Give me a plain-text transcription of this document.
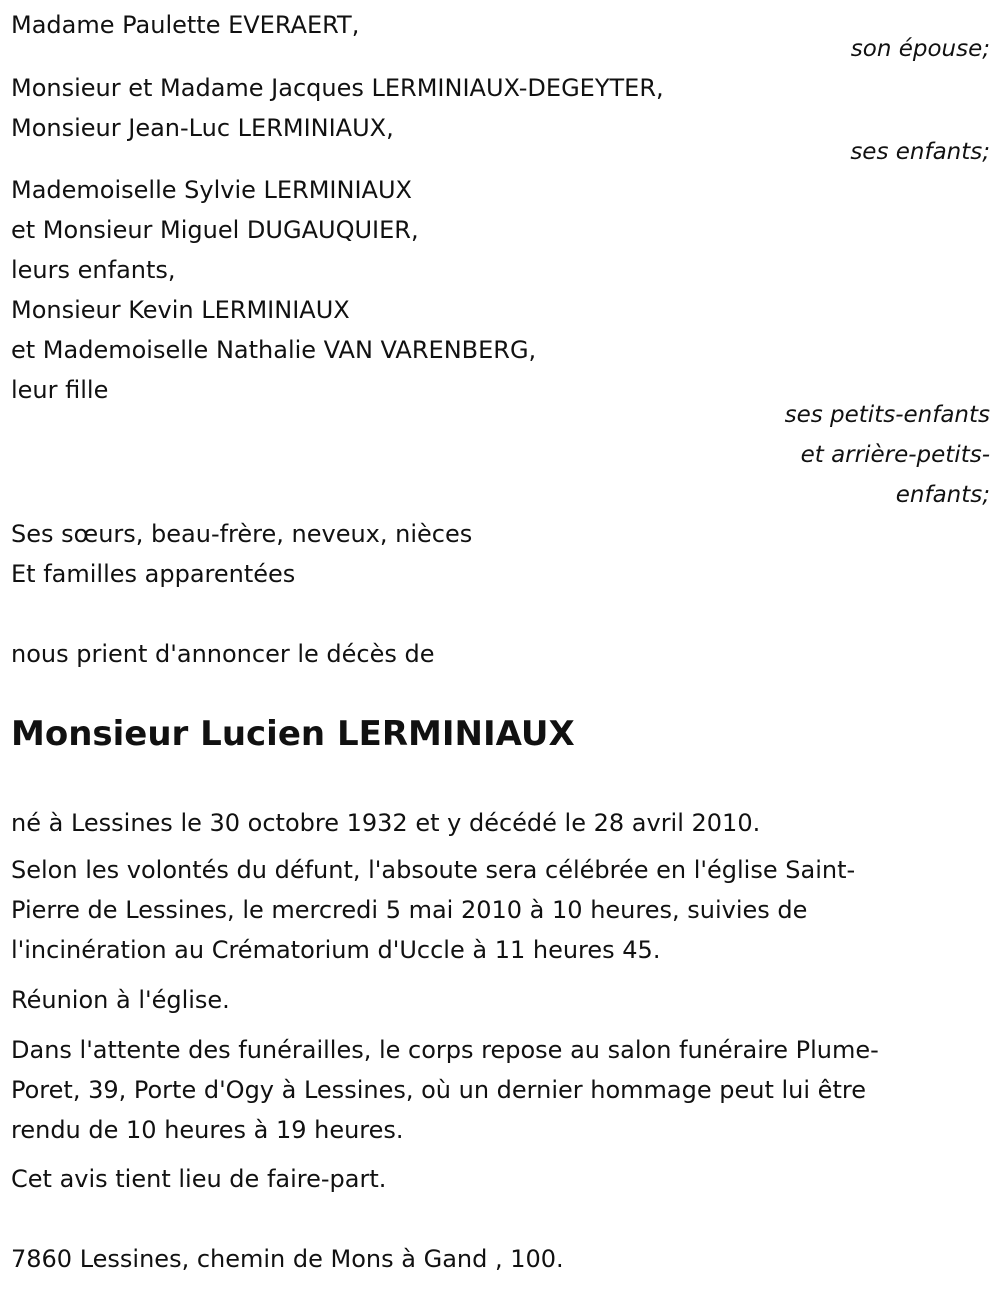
Madame Paulette EVERAERT,

son épouse;

Monsieur et Madame Jacques LERMINIAUX-DEGEYTER,

Monsieur Jean-Luc LERMINIAUX,

ses enfants;

Mademoiselle Sylvie LERMINIAUX

et Monsieur Miguel DUGAUQUIER,

leurs enfants,

Monsieur Kevin LERMINIAUX

et Mademoiselle Nathalie VAN VARENBERG,

leur fille

ses petits-enfants

et arrière-petits-

enfants;

Ses sœurs, beau-frère, neveux, nièces

Et familles apparentées

nous prient d'annoncer le décès de

Monsieur Lucien LERMINIAUX

né à Lessines le 30 octobre 1932 et y décédé le 28 avril 2010.

Selon les volontés du défunt, l'absoute sera célébrée en l'église Saint-

Pierre de Lessines, le mercredi 5 mai 2010 à 10 heures, suivies de

l'incinération au Crématorium d'Uccle à 11 heures 45.

Réunion à l'église.

Dans l'attente des funérailles, le corps repose au salon funéraire Plume-

Poret, 39, Porte d'Ogy à Lessines, où un dernier hommage peut lui être

rendu de 10 heures à 19 heures.

Cet avis tient lieu de faire-part.

7860 Lessines, chemin de Mons à Gand , 100.
